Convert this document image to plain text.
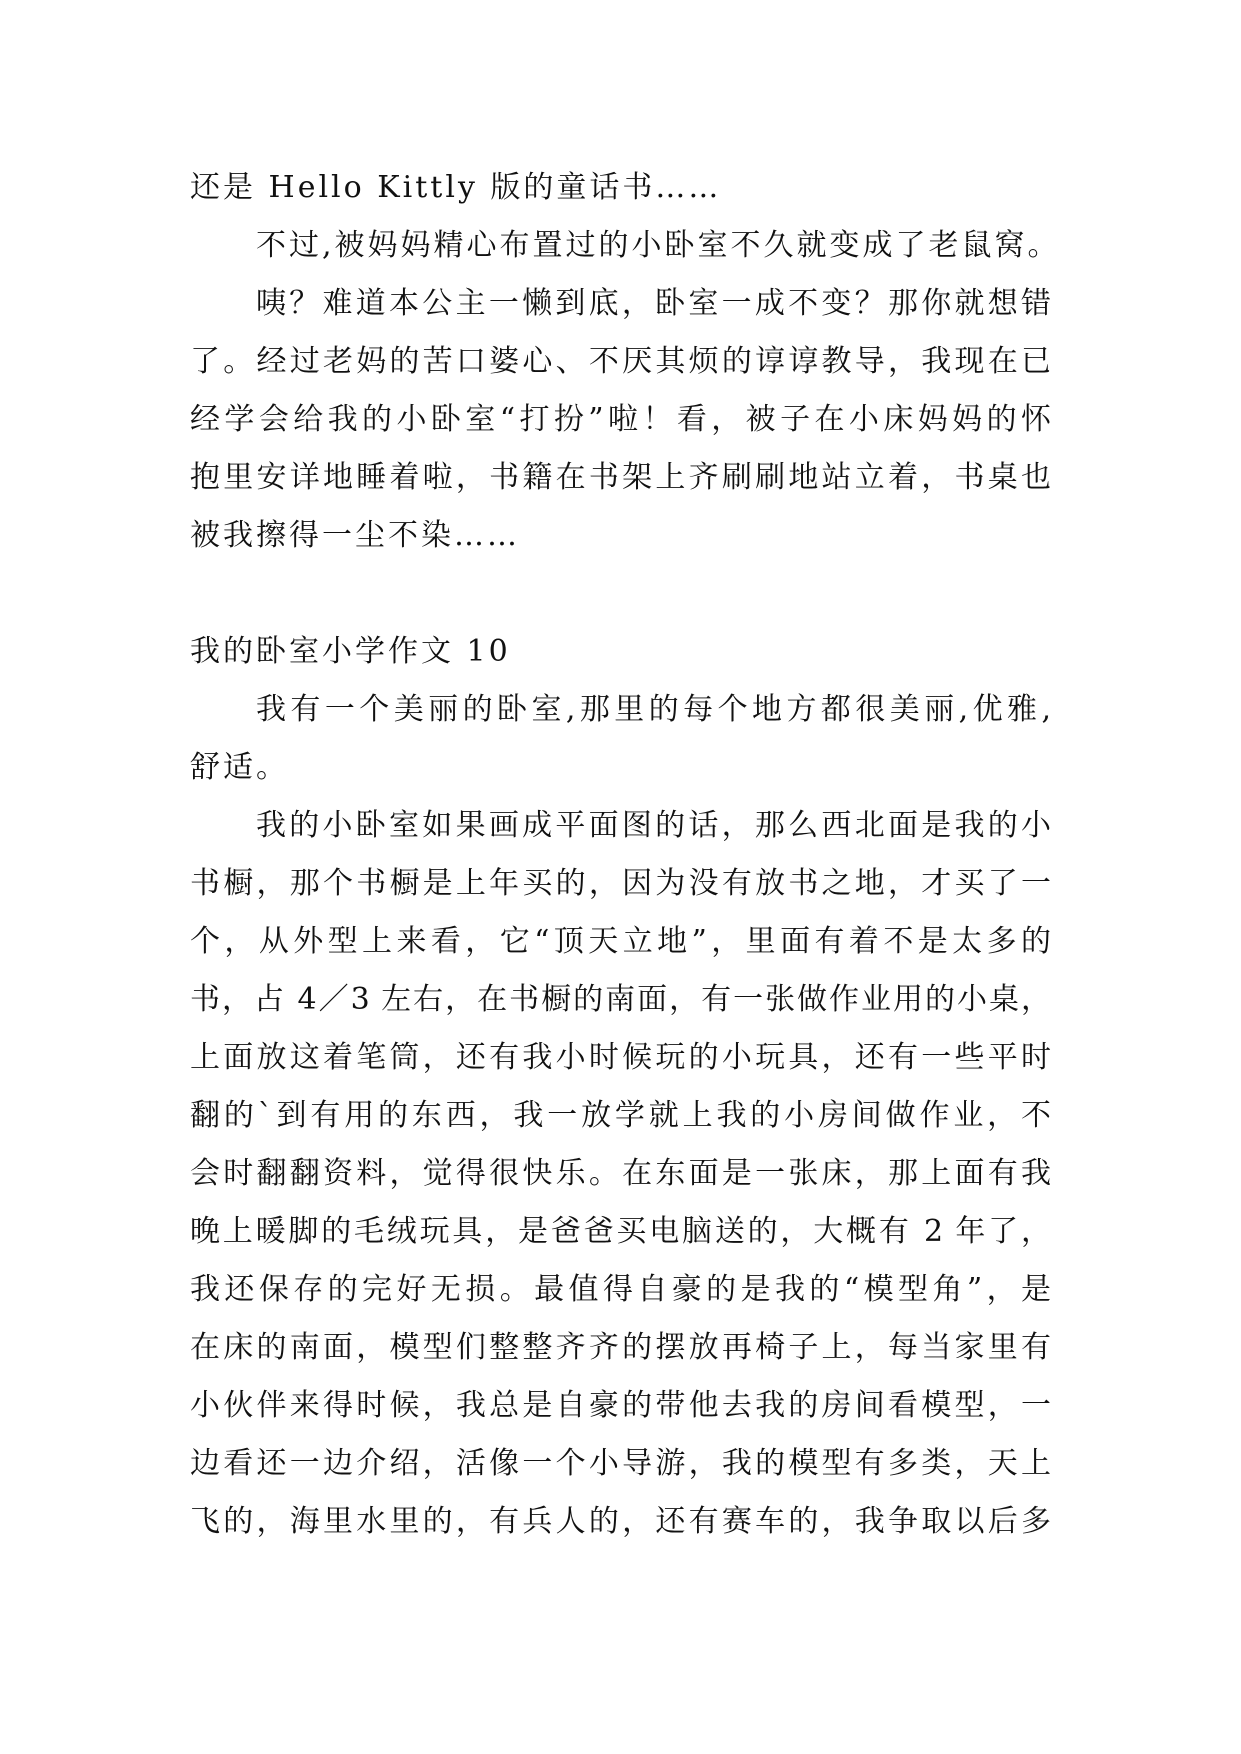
还是 Hello Kittly 版的童话书……
不过,被妈妈精心布置过的小卧室不久就变成了老鼠窝。
咦？难道本公主一懒到底，卧室一成不变？那你就想错
了。经过老妈的苦口婆心、不厌其烦的谆谆教导，我现在已
经学会给我的小卧室“打扮”啦！看，被子在小床妈妈的怀
抱里安详地睡着啦，书籍在书架上齐刷刷地站立着，书桌也
被我擦得一尘不染……
我的卧室小学作文 10
我有一个美丽的卧室,那里的每个地方都很美丽,优雅,
舒适。
我的小卧室如果画成平面图的话，那么西北面是我的小
书橱，那个书橱是上年买的，因为没有放书之地，才买了一
个，从外型上来看，它“顶天立地”，里面有着不是太多的
书，占 4／3 左右，在书橱的南面，有一张做作业用的小桌，
上面放这着笔筒，还有我小时候玩的小玩具，还有一些平时
翻的`到有用的东西，我一放学就上我的小房间做作业，不
会时翻翻资料，觉得很快乐。在东面是一张床，那上面有我
晚上暖脚的毛绒玩具，是爸爸买电脑送的，大概有 2 年了，
我还保存的完好无损。最值得自豪的是我的“模型角”，是
在床的南面，模型们整整齐齐的摆放再椅子上，每当家里有
小伙伴来得时候，我总是自豪的带他去我的房间看模型，一
边看还一边介绍，活像一个小导游，我的模型有多类，天上
飞的，海里水里的，有兵人的，还有赛车的，我争取以后多
